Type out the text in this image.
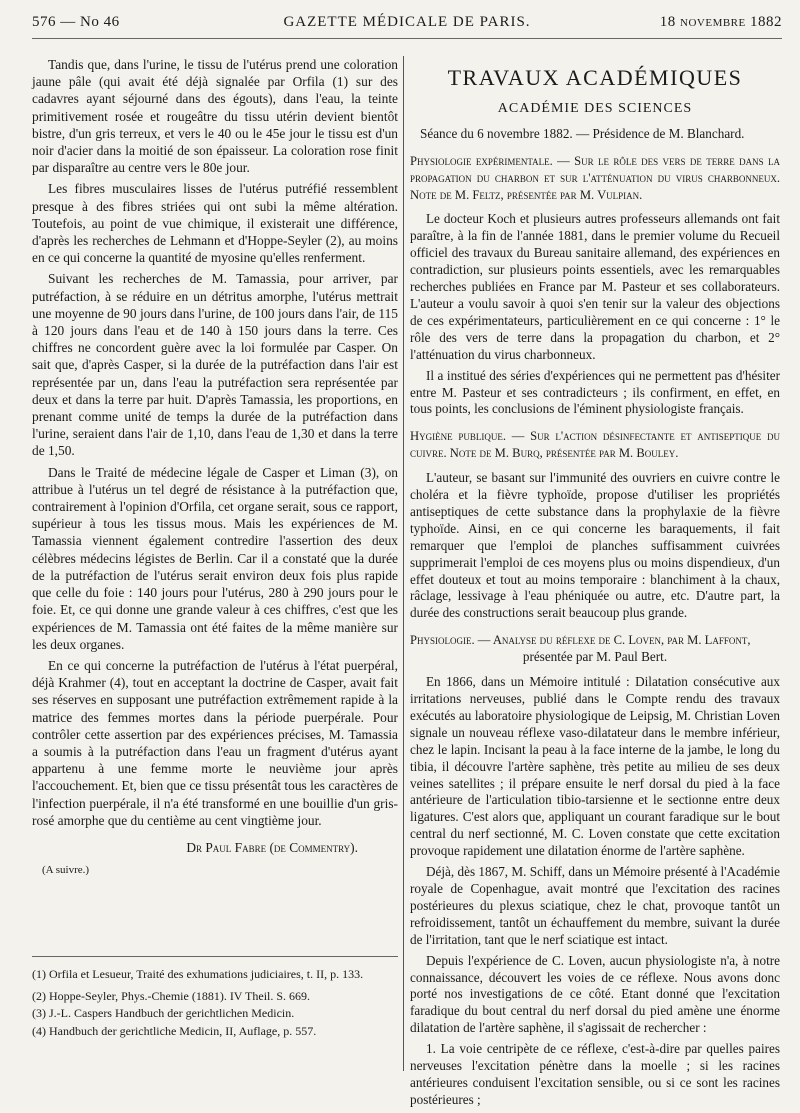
576 — No 46	GAZETTE MÉDICALE DE PARIS.	18 novembre 1882

Tandis que, dans l'urine, le tissu de l'utérus prend une coloration jaune pâle (qui avait été déjà signalée par Orfila (1) sur des cadavres ayant séjourné dans des égouts), dans l'eau, la teinte primitivement rosée et rougeâtre du tissu utérin devient bientôt bistre, d'un gris terreux, et vers le 40 ou le 45e jour le tissu est d'un noir d'acier dans la moitié de son épaisseur. La coloration rose finit par disparaître au centre vers le 80e jour.

Les fibres musculaires lisses de l'utérus putréfié ressemblent presque à des fibres striées qui ont subi la même altération. Toutefois, au point de vue chimique, il existerait une différence, d'après les recherches de Lehmann et d'Hoppe-Seyler (2), au moins en ce qui concerne la quantité de myosine qu'elles renferment.

Suivant les recherches de M. Tamassia, pour arriver, par putréfaction, à se réduire en un détritus amorphe, l'utérus mettrait une moyenne de 90 jours dans l'urine, de 100 jours dans l'air, de 115 à 120 jours dans l'eau et de 140 à 150 jours dans la terre. Ces chiffres ne concordent guère avec la loi formulée par Casper. On sait que, d'après Casper, si la durée de la putréfaction dans l'air est représentée par un, dans l'eau la putréfaction sera représentée par deux et dans la terre par huit. D'après Tamassia, les proportions, en prenant comme unité de temps la durée de la putréfaction dans l'urine, seraient dans l'air de 1,10, dans l'eau de 1,30 et dans la terre de 1,50.

Dans le Traité de médecine légale de Casper et Liman (3), on attribue à l'utérus un tel degré de résistance à la putréfaction que, contrairement à l'opinion d'Orfila, cet organe serait, sous ce rapport, supérieur à tous les tissus mous. Mais les expériences de M. Tamassia viennent également contredire l'assertion des deux célèbres médecins légistes de Berlin. Car il a constaté que la durée de la putréfaction de l'utérus serait environ deux fois plus rapide que celle du foie : 140 jours pour l'utérus, 280 à 290 jours pour le foie. Et, ce qui donne une grande valeur à ces chiffres, c'est que les expériences de M. Tamassia ont été faites de la même manière sur les deux organes.

En ce qui concerne la putréfaction de l'utérus à l'état puerpéral, déjà Krahmer (4), tout en acceptant la doctrine de Casper, avait fait ses réserves en supposant une putréfaction extrêmement rapide à la matrice des femmes mortes dans la période puerpérale. Pour contrôler cette assertion par des expériences précises, M. Tamassia a soumis à la putréfaction dans l'eau un fragment d'utérus ayant appartenu à une femme morte le neuvième jour après l'accouchement. Et, bien que ce tissu présentât tous les caractères de l'infection puerpérale, il n'a été transformé en une bouillie d'un gris-rosé amorphe que du centième au cent vingtième jour.

Dr Paul Fabre (de Commentry).

(A suivre.)

(1) Orfila et Lesueur, Traité des exhumations judiciaires, t. II, p. 133.
(2) Hoppe-Seyler, Phys.-Chemie (1881). IV Theil. S. 669.
(3) J.-L. Caspers Handbuch der gerichtlichen Medicin.
(4) Handbuch der gerichtliche Medicin, II, Auflage, p. 557.
TRAVAUX ACADÉMIQUES
ACADÉMIE DES SCIENCES

Séance du 6 novembre 1882. — Présidence de M. Blanchard.

Physiologie expérimentale. — Sur le rôle des vers de terre dans la propagation du charbon et sur l'atténuation du virus charbonneux. Note de M. Feltz, présentée par M. Vulpian.

Le docteur Koch et plusieurs autres professeurs allemands ont fait paraître, à la fin de l'année 1881, dans le premier volume du Recueil officiel des travaux du Bureau sanitaire allemand, des expériences en contradiction, sur plusieurs points essentiels, avec les remarquables recherches publiées en France par M. Pasteur et ses collaborateurs. L'auteur a voulu savoir à quoi s'en tenir sur la valeur des objections de ces expérimentateurs, particulièrement en ce qui concerne : 1° le rôle des vers de terre dans la propagation du charbon, et 2° l'atténuation du virus charbonneux.

Il a institué des séries d'expériences qui ne permettent pas d'hésiter entre M. Pasteur et ses contradicteurs ; ils confirment, en effet, en tous points, les conclusions de l'éminent physiologiste français.

Hygiène publique. — Sur l'action désinfectante et antiseptique du cuivre. Note de M. Burq, présentée par M. Bouley.

L'auteur, se basant sur l'immunité des ouvriers en cuivre contre le choléra et la fièvre typhoïde, propose d'utiliser les propriétés antiseptiques de cette substance dans la prophylaxie de la fièvre typhoïde. Ainsi, en ce qui concerne les baraquements, il fait remarquer que l'emploi de planches suffisamment cuivrées supprimerait l'emploi de ces moyens plus ou moins dispendieux, d'un effet douteux et tout au moins temporaire : blanchiment à la chaux, râclage, lessivage à l'eau phéniquée ou autre, etc. D'autre part, la durée des constructions serait beaucoup plus grande.

Physiologie. — Analyse du réflexe de C. Loven, par M. Laffont,

présentée par M. Paul Bert.

En 1866, dans un Mémoire intitulé : Dilatation consécutive aux irritations nerveuses, publié dans le Compte rendu des travaux exécutés au laboratoire physiologique de Leipsig, M. Christian Loven signale un nouveau réflexe vaso-dilatateur dans le membre inférieur, chez le lapin. Incisant la peau à la face interne de la jambe, le long du tibia, il découvre l'artère saphène, très petite au milieu de ses deux veines satellites ; il prépare ensuite le nerf dorsal du pied à la face antérieure de l'articulation tibio-tarsienne et le sectionne entre deux ligatures. C'est alors que, appliquant un courant faradique sur le bout central du nerf sectionné, M. C. Loven constate que cette excitation provoque rapidement une dilatation énorme de l'artère saphène.

Déjà, dès 1867, M. Schiff, dans un Mémoire présenté à l'Académie royale de Copenhague, avait montré que l'excitation des racines postérieures du plexus sciatique, chez le chat, provoque tantôt un refroidissement, tantôt un échauffement du membre, suivant la durée de l'irritation, tant que le nerf sciatique est intact.

Depuis l'expérience de C. Loven, aucun physiologiste n'a, à notre connaissance, découvert les voies de ce réflexe. Nous avons donc porté nos investigations de ce côté. Etant donné que l'excitation faradique du bout central du nerf dorsal du pied amène une énorme dilatation de l'artère saphène, il s'agissait de rechercher :

1. La voie centripète de ce réflexe, c'est-à-dire par quelles paires nerveuses l'excitation pénètre dans la moelle ; si les racines antérieures conduisent l'excitation sensible, ou si ce sont les racines postérieures ;
